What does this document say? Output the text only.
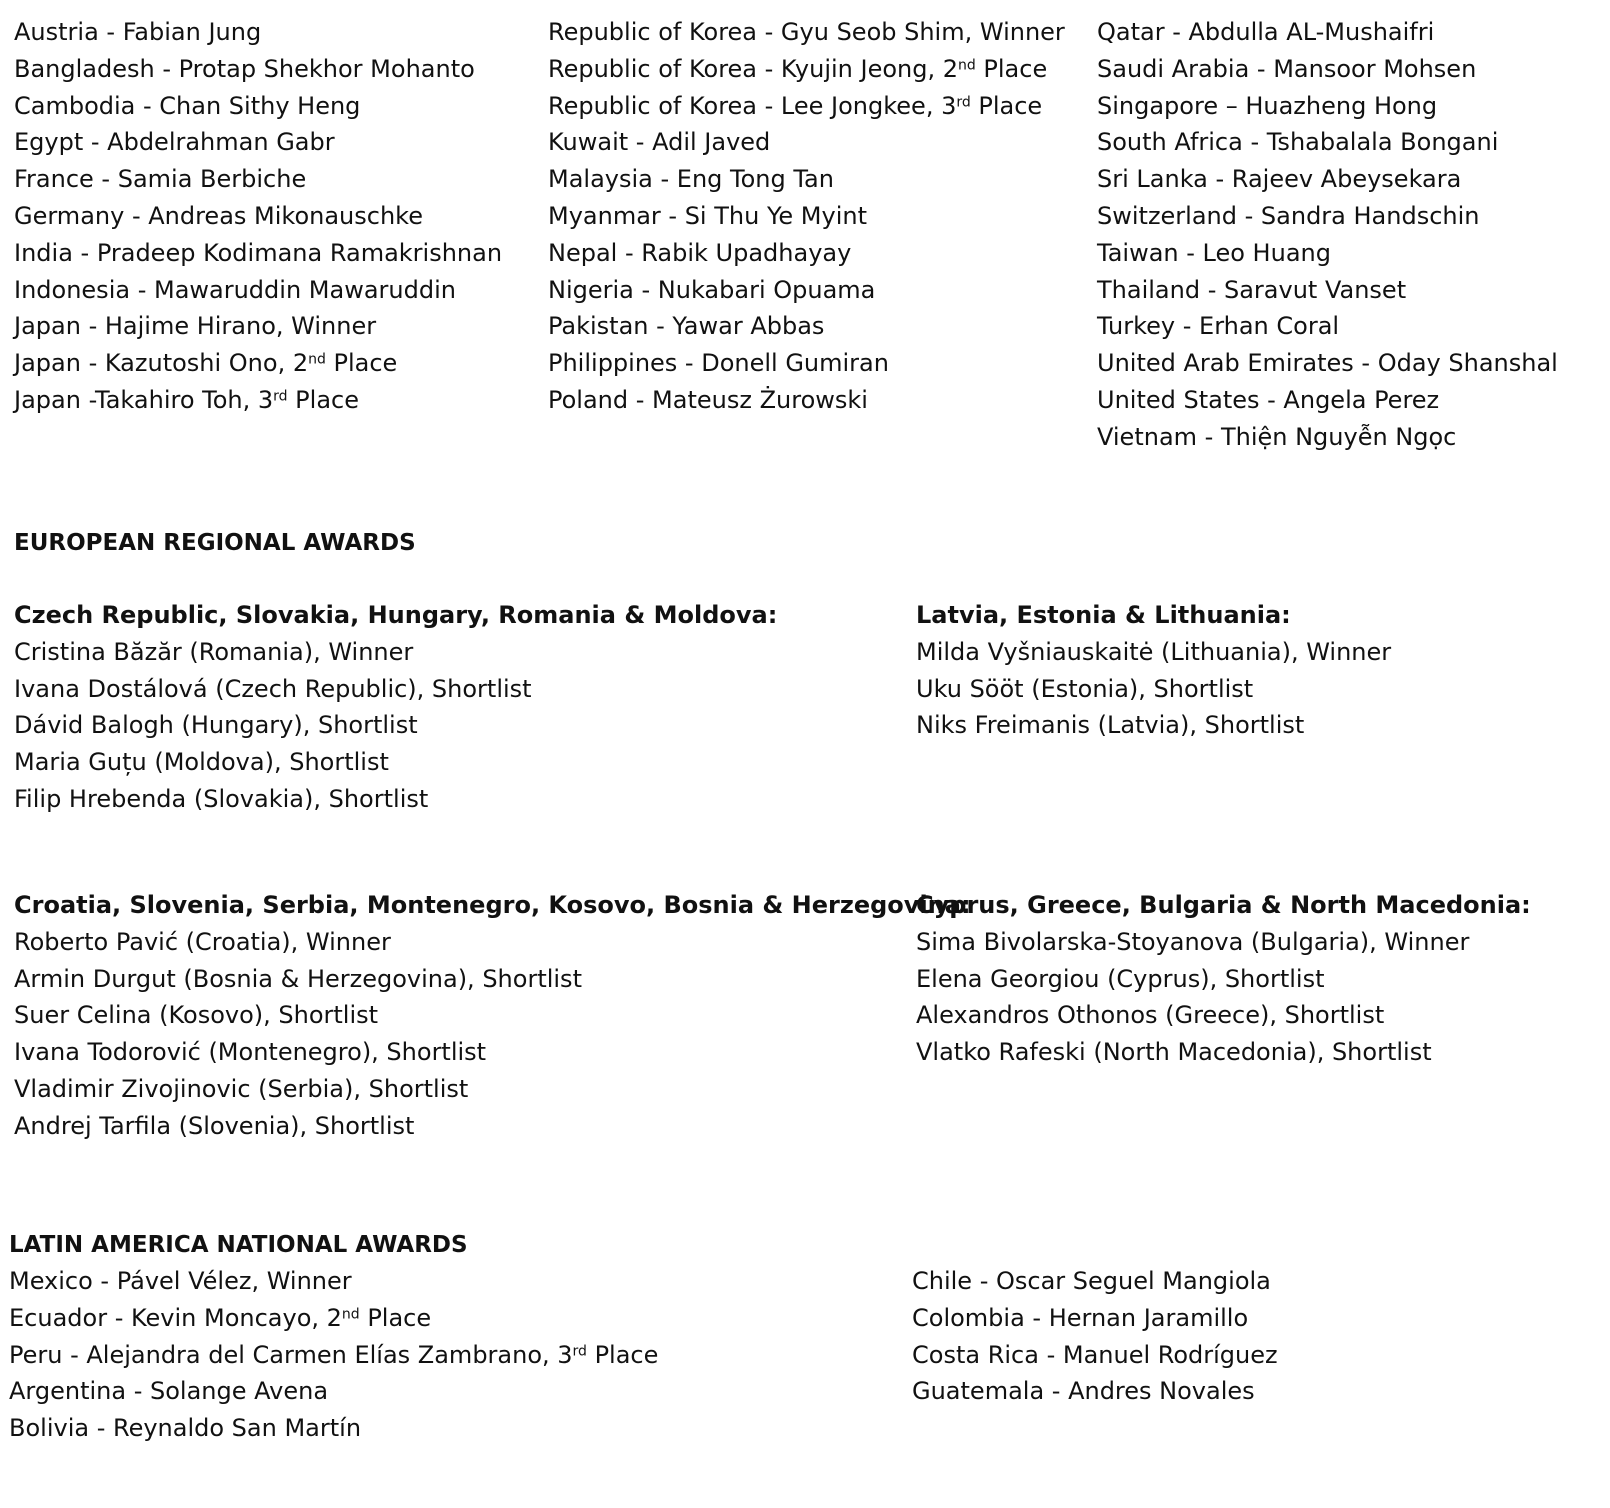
Austria - Fabian Jung
Bangladesh - Protap Shekhor Mohanto
Cambodia - Chan Sithy Heng
Egypt - Abdelrahman Gabr
France - Samia Berbiche
Germany - Andreas Mikonauschke
India - Pradeep Kodimana Ramakrishnan
Indonesia - Mawaruddin Mawaruddin
Japan - Hajime Hirano, Winner
Japan - Kazutoshi Ono, 2nd Place
Japan -Takahiro Toh, 3rd Place
Republic of Korea - Gyu Seob Shim, Winner
Republic of Korea - Kyujin Jeong, 2nd Place
Republic of Korea - Lee Jongkee, 3rd Place
Kuwait - Adil Javed
Malaysia - Eng Tong Tan
Myanmar - Si Thu Ye Myint
Nepal - Rabik Upadhayay
Nigeria - Nukabari Opuama
Pakistan - Yawar Abbas
Philippines - Donell Gumiran
Poland - Mateusz Żurowski
Qatar - Abdulla AL-Mushaifri
Saudi Arabia - Mansoor Mohsen
Singapore – Huazheng Hong
South Africa - Tshabalala Bongani
Sri Lanka - Rajeev Abeysekara
Switzerland - Sandra Handschin
Taiwan - Leo Huang
Thailand - Saravut Vanset
Turkey - Erhan Coral
United Arab Emirates - Oday Shanshal
United States - Angela Perez
Vietnam - Thiện Nguyễn Ngọc
EUROPEAN REGIONAL AWARDS
Czech Republic, Slovakia, Hungary, Romania & Moldova:
Cristina Băzăr (Romania), Winner
Ivana Dostálová (Czech Republic), Shortlist
Dávid Balogh (Hungary), Shortlist
Maria Guțu (Moldova), Shortlist
Filip Hrebenda (Slovakia), Shortlist
Latvia, Estonia & Lithuania:
Milda Vyšniauskaitė (Lithuania), Winner
Uku Sööt (Estonia), Shortlist
Niks Freimanis (Latvia), Shortlist
Croatia, Slovenia, Serbia, Montenegro, Kosovo, Bosnia & Herzegovina:
Roberto Pavić (Croatia), Winner
Armin Durgut (Bosnia & Herzegovina), Shortlist
Suer Celina (Kosovo), Shortlist
Ivana Todorović (Montenegro), Shortlist
Vladimir Zivojinovic (Serbia), Shortlist
Andrej Tarfila (Slovenia), Shortlist
Cyprus, Greece, Bulgaria & North Macedonia:
Sima Bivolarska-Stoyanova (Bulgaria), Winner
Elena Georgiou (Cyprus), Shortlist
Alexandros Othonos (Greece), Shortlist
Vlatko Rafeski (North Macedonia), Shortlist
LATIN AMERICA NATIONAL AWARDS
Mexico - Pável Vélez, Winner
Ecuador - Kevin Moncayo, 2nd Place
Peru - Alejandra del Carmen Elías Zambrano, 3rd Place
Argentina - Solange Avena
Bolivia - Reynaldo San Martín
Chile - Oscar Seguel Mangiola
Colombia - Hernan Jaramillo
Costa Rica - Manuel Rodríguez
Guatemala - Andres Novales
